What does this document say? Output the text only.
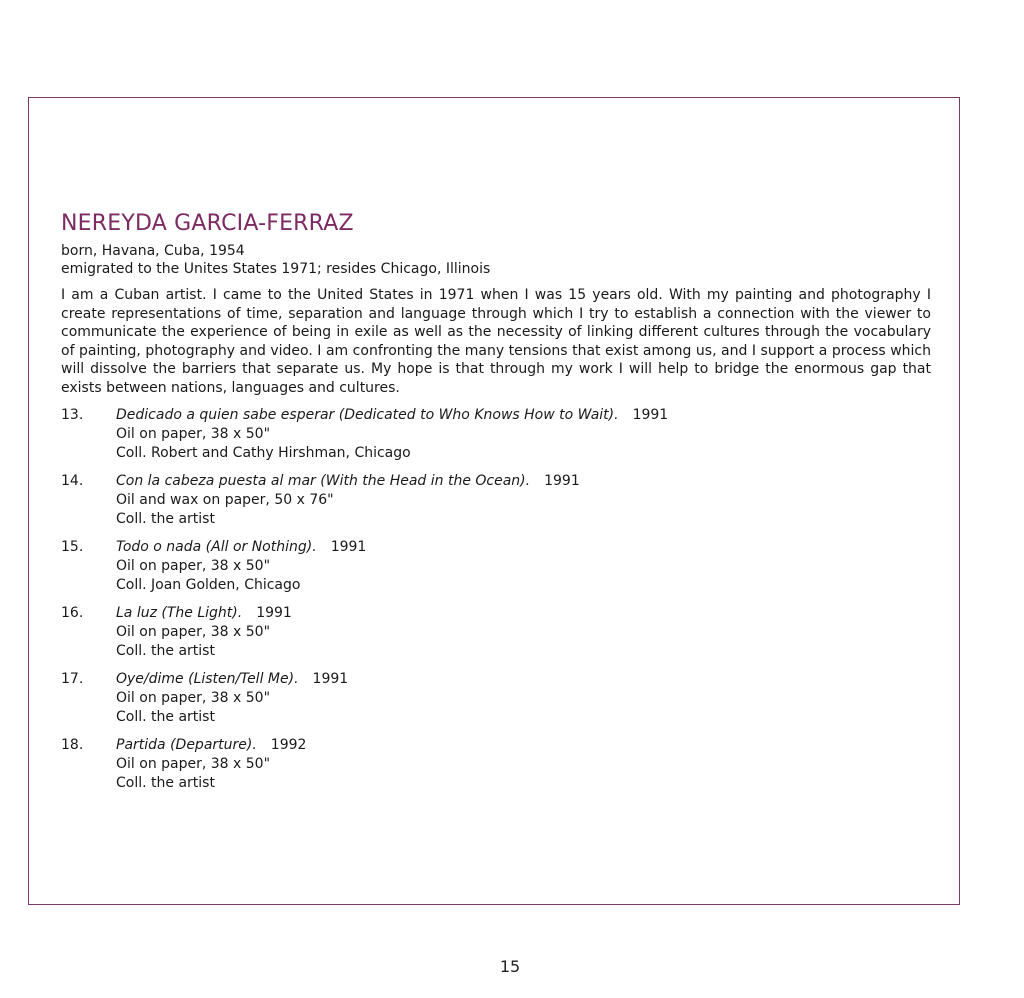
NEREYDA GARCIA-FERRAZ

born, Havana, Cuba, 1954

emigrated to the Unites States 1971; resides Chicago, Illinois

I am a Cuban artist. I came to the United States in 1971 when I was 15 years old. With my painting and photography I create representations of time, separation and language through which I try to establish a connection with the viewer to communicate the experience of being in exile as well as the necessity of linking different cultures through the vocabulary of painting, photography and video. I am confronting the many tensions that exist among us, and I support a process which will dissolve the barriers that separate us. My hope is that through my work I will help to bridge the enormous gap that exists between nations, languages and cultures.

13. Dedicado a quien sabe esperar (Dedicated to Who Knows How to Wait). 1991
Oil on paper, 38 x 50"
Coll. Robert and Cathy Hirshman, Chicago
14. Con la cabeza puesta al mar (With the Head in the Ocean). 1991
Oil and wax on paper, 50 x 76"
Coll. the artist
15. Todo o nada (All or Nothing). 1991
Oil on paper, 38 x 50"
Coll. Joan Golden, Chicago
16. La luz (The Light). 1991
Oil on paper, 38 x 50"
Coll. the artist
17. Oye/dime (Listen/Tell Me). 1991
Oil on paper, 38 x 50"
Coll. the artist
18. Partida (Departure). 1992
Oil on paper, 38 x 50"
Coll. the artist
15
